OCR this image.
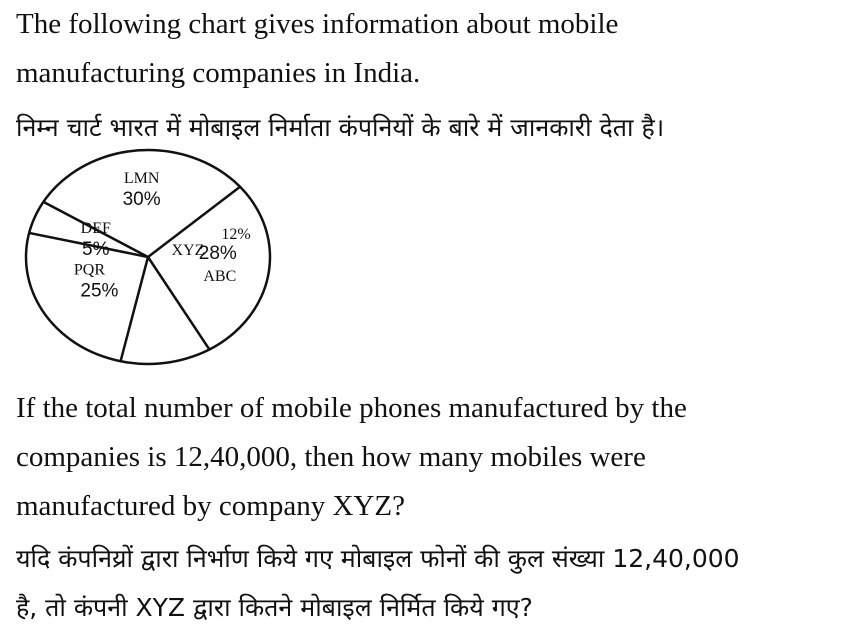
The following chart gives information about mobile
manufacturing companies in India.
निम्न चार्ट भारत में मोबाइल निर्माता कंपनियों के बारे में जानकारी देता है।
28%
ABC
XYZ
12%
PQR
25%
DEF
5%
LMN
30%
If the total number of mobile phones manufactured by the
companies is 12,40,000, then how many mobiles were
manufactured by company XYZ?
यदि कंपनिय्रों द्वारा निर्भाण किये गए मोबाइल फोनों की कुल संख्या 12,40,000
है, तो कंपनी XYZ द्वारा कितने मोबाइल निर्मित किये गए?
